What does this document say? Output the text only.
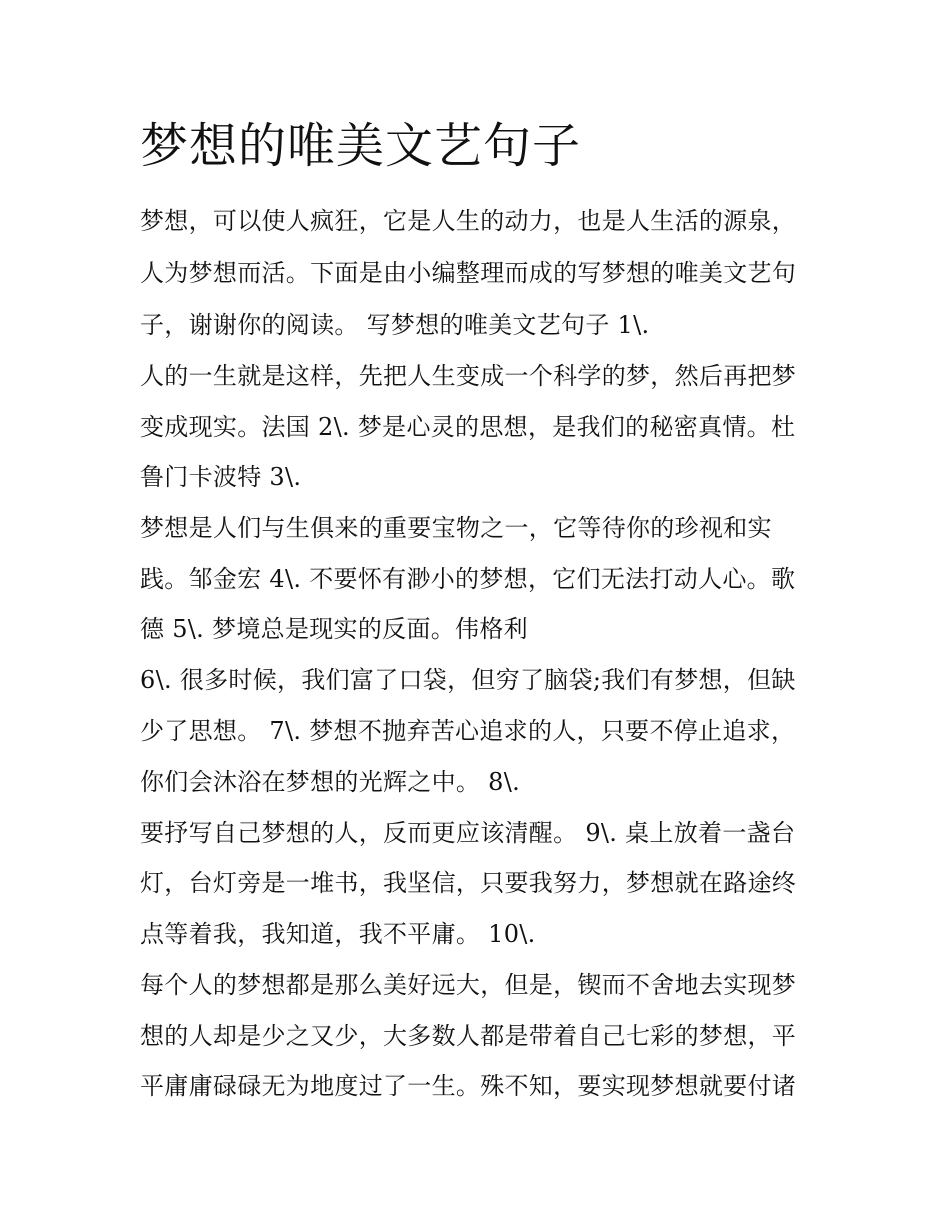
梦想的唯美文艺句子

梦想，可以使人疯狂，它是人生的动力，也是人生活的源泉，

人为梦想而活。下面是由小编整理而成的写梦想的唯美文艺句

子，谢谢你的阅读。 写梦想的唯美文艺句子 1\.

人的一生就是这样，先把人生变成一个科学的梦，然后再把梦

变成现实。法国 2\. 梦是心灵的思想，是我们的秘密真情。杜

鲁门卡波特 3\.

梦想是人们与生俱来的重要宝物之一，它等待你的珍视和实

践。邹金宏 4\. 不要怀有渺小的梦想，它们无法打动人心。歌

德 5\. 梦境总是现实的反面。伟格利

6\. 很多时候，我们富了口袋，但穷了脑袋;我们有梦想，但缺

少了思想。 7\. 梦想不抛弃苦心追求的人，只要不停止追求，

你们会沐浴在梦想的光辉之中。 8\.

要抒写自己梦想的人，反而更应该清醒。 9\. 桌上放着一盏台

灯，台灯旁是一堆书，我坚信，只要我努力，梦想就在路途终

点等着我，我知道，我不平庸。 10\.

每个人的梦想都是那么美好远大，但是，锲而不舍地去实现梦

想的人却是少之又少，大多数人都是带着自己七彩的梦想，平

平庸庸碌碌无为地度过了一生。殊不知，要实现梦想就要付诸
